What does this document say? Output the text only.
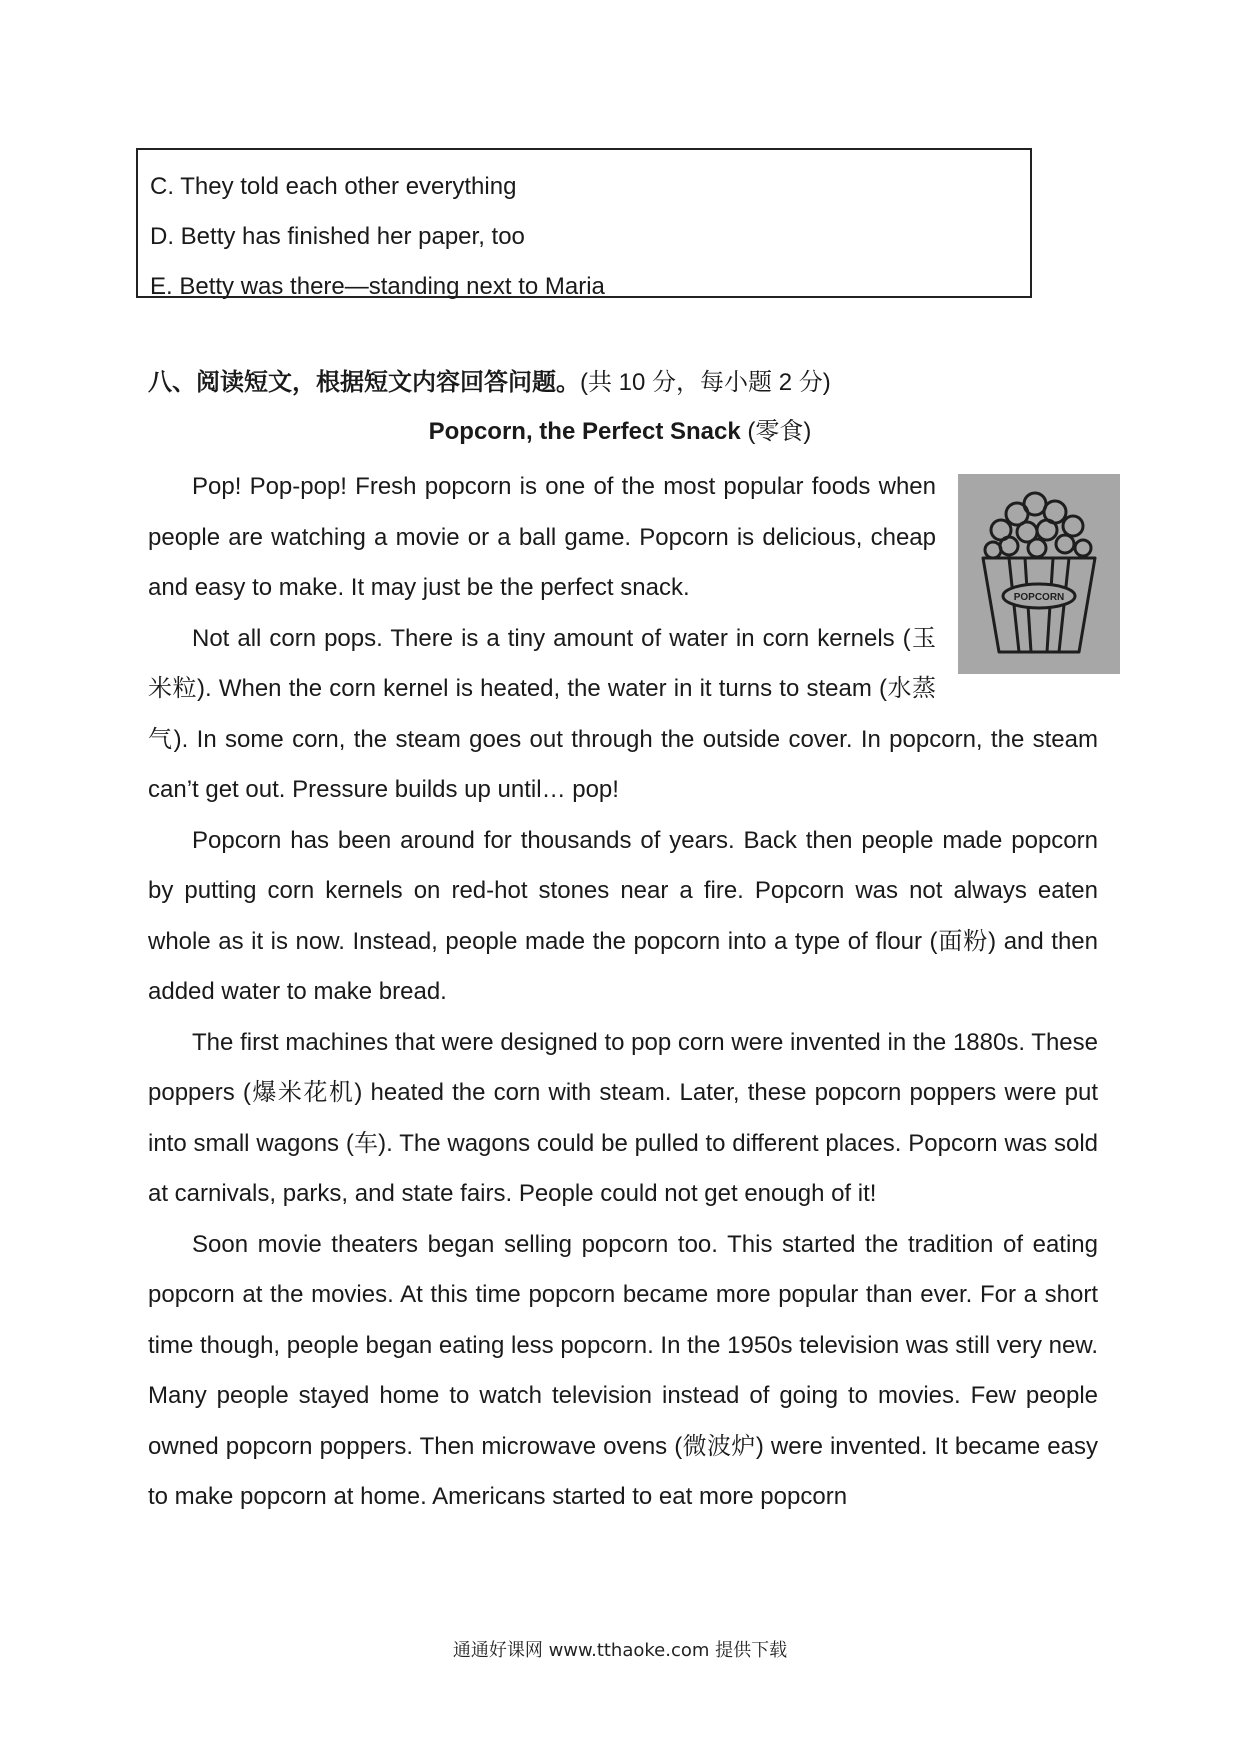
C. They told each other everything
D. Betty has finished her paper, too
E. Betty was there—standing next to Maria
八、阅读短文，根据短文内容回答问题。(共 10 分，每小题 2 分)
Popcorn, the Perfect Snack (零食)
POPCORN

Pop! Pop-pop! Fresh popcorn is one of the most popular foods when people are watching a movie or a ball game. Popcorn is delicious, cheap and easy to make. It may just be the perfect snack.

Not all corn pops. There is a tiny amount of water in corn kernels (玉米粒). When the corn kernel is heated, the water in it turns to steam (水蒸气). In some corn, the steam goes out through the outside cover. In popcorn, the steam can’t get out. Pressure builds up until… pop!

Popcorn has been around for thousands of years. Back then people made popcorn by putting corn kernels on red-hot stones near a fire. Popcorn was not always eaten whole as it is now. Instead, people made the popcorn into a type of flour (面粉) and then added water to make bread.

The first machines that were designed to pop corn were invented in the 1880s. These poppers (爆米花机) heated the corn with steam. Later, these popcorn poppers were put into small wagons (车). The wagons could be pulled to different places. Popcorn was sold at carnivals, parks, and state fairs. People could not get enough of it!

Soon movie theaters began selling popcorn too. This started the tradition of eating popcorn at the movies. At this time popcorn became more popular than ever. For a short time though, people began eating less popcorn. In the 1950s television was still very new. Many people stayed home to watch television instead of going to movies. Few people owned popcorn poppers. Then microwave ovens (微波炉) were invented. It became easy to make popcorn at home. Americans started to eat more popcorn

通通好课网 www.tthaoke.com 提供下载
